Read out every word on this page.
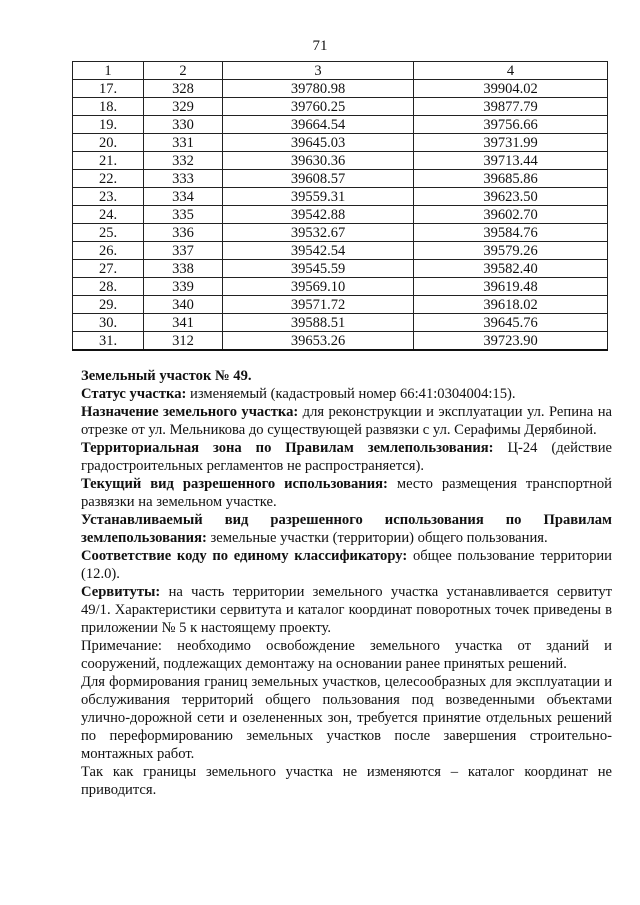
71
1	2	3	4
17.	328	39780.98	39904.02
18.	329	39760.25	39877.79
19.	330	39664.54	39756.66
20.	331	39645.03	39731.99
21.	332	39630.36	39713.44
22.	333	39608.57	39685.86
23.	334	39559.31	39623.50
24.	335	39542.88	39602.70
25.	336	39532.67	39584.76
26.	337	39542.54	39579.26
27.	338	39545.59	39582.40
28.	339	39569.10	39619.48
29.	340	39571.72	39618.02
30.	341	39588.51	39645.76
31.	312	39653.26	39723.90

Земельный участок № 49.

Статус участка: изменяемый (кадастровый номер 66:41:0304004:15).

Назначение земельного участка: для реконструкции и эксплуатации ул. Репина на отрезке от ул. Мельникова до существующей развязки с ул. Серафимы Дерябиной.

Территориальная зона по Правилам землепользования: Ц-24 (действие градостроительных регламентов не распространяется).

Текущий вид разрешенного использования: место размещения транспортной развязки на земельном участке.

Устанавливаемый вид разрешенного использования по Правилам землепользования: земельные участки (территории) общего пользования.

Соответствие коду по единому классификатору: общее пользование территории (12.0).

Сервитуты: на часть территории земельного участка устанавливается сервитут 49/1. Характеристики сервитута и каталог координат поворотных точек приведены в приложении № 5 к настоящему проекту.

Примечание: необходимо освобождение земельного участка от зданий и сооружений, подлежащих демонтажу на основании ранее принятых решений.

Для формирования границ земельных участков, целесообразных для эксплуатации и обслуживания территорий общего пользования под возведенными объектами улично-дорожной сети и озелененных зон, требуется принятие отдельных решений по переформированию земельных участков после завершения строительно-монтажных работ.

Так как границы земельного участка не изменяются – каталог координат не приводится.
